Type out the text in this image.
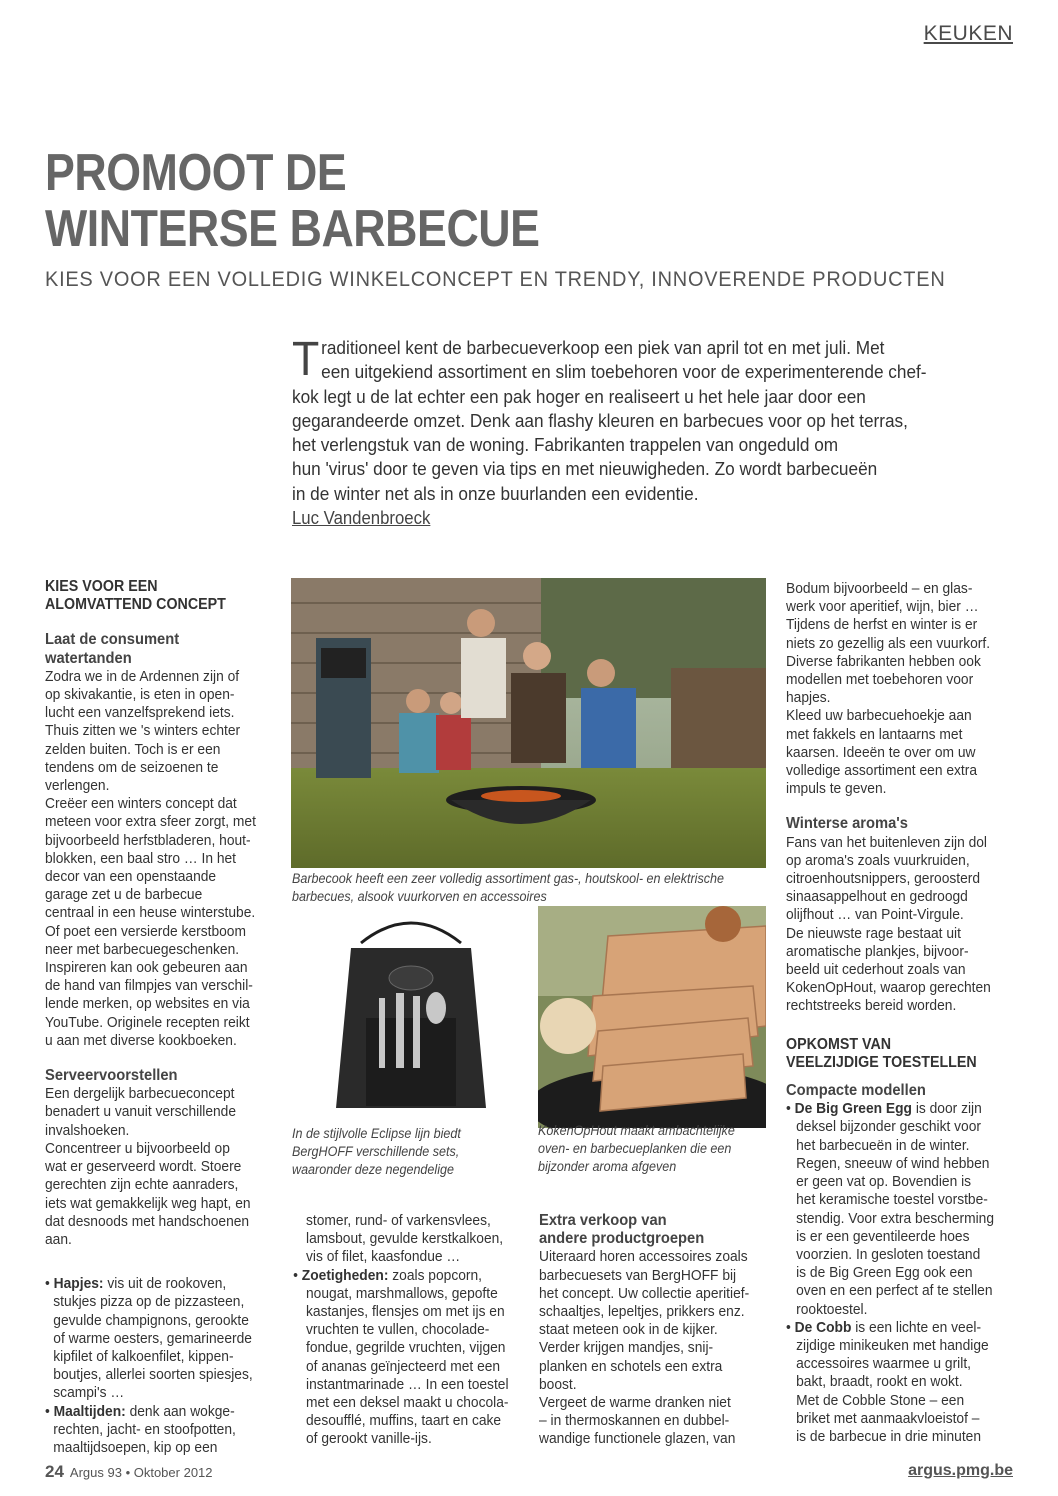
KEUKEN
PROMOOT DE
WINTERSE BARBECUE
KIES VOOR EEN VOLLEDIG WINKELCONCEPT EN TRENDY, INNOVERENDE PRODUCTEN
T raditioneel kent de barbecueverkoop een piek van april tot en met juli. Met

een uitgekiend assortiment en slim toebehoren voor de experimenterende chef-

kok legt u de lat echter een pak hoger en realiseert u het hele jaar door een

gegarandeerde omzet. Denk aan flashy kleuren en barbecues voor op het terras,

het verlengstuk van de woning. Fabrikanten trappelen van ongeduld om

hun 'virus' door te geven via tips en met nieuwigheden. Zo wordt barbecueën

in de winter net als in onze buurlanden een evidentie.

Luc Vandenbroeck

KIES VOOR EEN

ALOMVATTEND CONCEPT

Laat de consument

watertanden

Zodra we in de Ardennen zijn of

op skivakantie, is eten in open-

lucht een vanzelfsprekend iets.

Thuis zitten we 's winters echter

zelden buiten. Toch is er een

tendens om de seizoenen te

verlengen.

Creëer een winters concept dat

meteen voor extra sfeer zorgt, met

bijvoorbeeld herfstbladeren, hout-

blokken, een baal stro … In het

decor van een openstaande

garage zet u de barbecue

centraal in een heuse winterstube.

Of poet een versierde kerstboom

neer met barbecuegeschenken.

Inspireren kan ook gebeuren aan

de hand van filmpjes van verschil-

lende merken, op websites en via

YouTube. Originele recepten reikt

u aan met diverse kookboeken.

Serveervoorstellen

Een dergelijk barbecueconcept

benadert u vanuit verschillende

invalshoeken.

Concentreer u bijvoorbeeld op

wat er geserveerd wordt. Stoere

gerechten zijn echte aanraders,

iets wat gemakkelijk weg hapt, en

dat desnoods met handschoenen

aan.

• Hapjes: vis uit de rookoven,

stukjes pizza op de pizzasteen,

gevulde champignons, gerookte

of warme oesters, gemarineerde

kipfilet of kalkoenfilet, kippen-

boutjes, allerlei soorten spiesjes,

scampi's …

• Maaltijden: denk aan wokge-

rechten, jacht- en stoofpotten,

maaltijdsoepen, kip op een

Barbecook heeft een zeer volledig assortiment gas-, houtskool- en elektrische

barbecues, alsook vuurkorven en accessoires

In de stijlvolle Eclipse lijn biedt

BergHOFF verschillende sets,

waaronder deze negendelige

KokenOpHout maakt ambachtelijke

oven- en barbecueplanken die een

bijzonder aroma afgeven

stomer, rund- of varkensvlees,

lamsbout, gevulde kerstkalkoen,

vis of filet, kaasfondue …

• Zoetigheden: zoals popcorn,

nougat, marshmallows, gepofte

kastanjes, flensjes om met ijs en

vruchten te vullen, chocolade-

fondue, gegrilde vruchten, vijgen

of ananas geïnjecteerd met een

instantmarinade … In een toestel

met een deksel maakt u chocola-

desoufflé, muffins, taart en cake

of gerookt vanille-ijs.

Extra verkoop van

andere productgroepen

Uiteraard horen accessoires zoals

barbecuesets van BergHOFF bij

het concept. Uw collectie aperitief-

schaaltjes, lepeltjes, prikkers enz.

staat meteen ook in de kijker.

Verder krijgen mandjes, snij-

planken en schotels een extra

boost.

Vergeet de warme dranken niet

– in thermoskannen en dubbel-

wandige functionele glazen, van

Bodum bijvoorbeeld – en glas-

werk voor aperitief, wijn, bier …

Tijdens de herfst en winter is er

niets zo gezellig als een vuurkorf.

Diverse fabrikanten hebben ook

modellen met toebehoren voor

hapjes.

Kleed uw barbecuehoekje aan

met fakkels en lantaarns met

kaarsen. Ideeën te over om uw

volledige assortiment een extra

impuls te geven.

Winterse aroma's

Fans van het buitenleven zijn dol

op aroma's zoals vuurkruiden,

citroenhoutsnippers, geroosterd

sinaasappelhout en gedroogd

olijfhout … van Point-Virgule.

De nieuwste rage bestaat uit

aromatische plankjes, bijvoor-

beeld uit cederhout zoals van

KokenOpHout, waarop gerechten

rechtstreeks bereid worden.

OPKOMST VAN

VEELZIJDIGE TOESTELLEN

Compacte modellen

• De Big Green Egg is door zijn

deksel bijzonder geschikt voor

het barbecueën in de winter.

Regen, sneeuw of wind hebben

er geen vat op. Bovendien is

het keramische toestel vorstbe-

stendig. Voor extra bescherming

is er een geventileerde hoes

voorzien. In gesloten toestand

is de Big Green Egg ook een

oven en een perfect af te stellen

rooktoestel.

• De Cobb is een lichte en veel-

zijdige minikeuken met handige

accessoires waarmee u grilt,

bakt, braadt, rookt en wokt.

Met de Cobble Stone – een

briket met aanmaakvloeistof –

is de barbecue in drie minuten

24 Argus 93 • Oktober 2012	argus.pmg.be
